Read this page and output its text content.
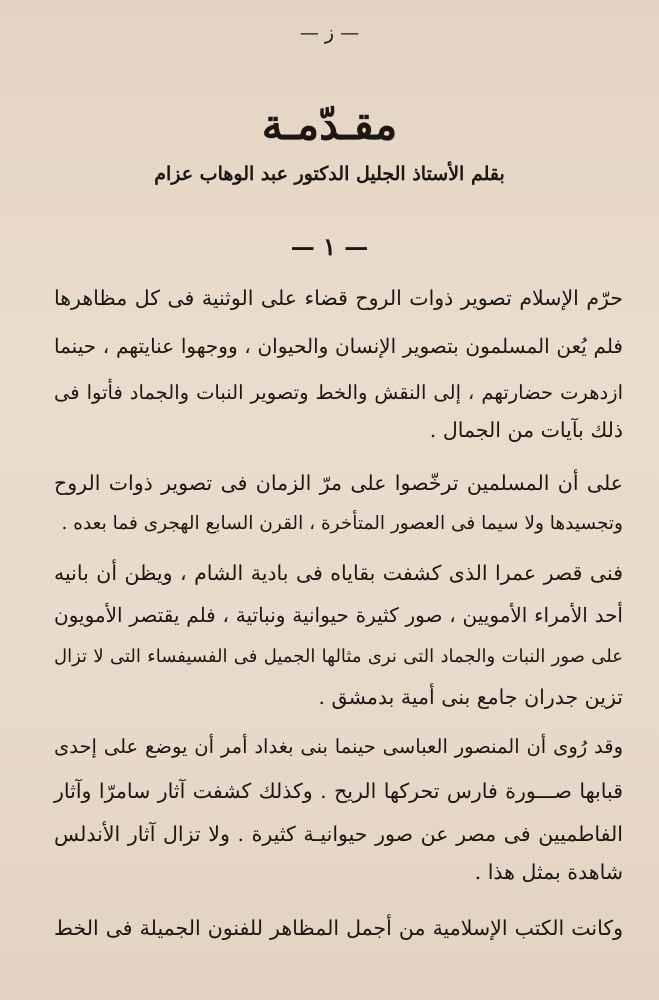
— ز —
مقـدّمـة
بقلم الأستاذ الجليل الدكتور عبد الوهاب عزام
— ١ —
حرّم الإسلام تصوير ذوات الروح قضاء على الوثنية فى كل مظاهرها
فلم يُعن المسلمون بتصوير الإنسان والحيوان ، ووجهوا عنايتهم ، حينما
ازدهرت حضارتهم ، إلى النقش والخط وتصوير النبات والجماد فأتوا فى
ذلك بآيات من الجمال .
على أن المسلمين ترخّصوا على مرّ الزمان فى تصوير ذوات الروح
وتجسيدها ولا سيما فى العصور المتأخرة ، القرن السابع الهجرى فما بعده .
فنى قصر عمرا الذى كشفت بقاياه فى بادية الشام ، ويظن أن بانيه
أحد الأمراء الأمويين ، صور كثيرة حيوانية ونباتية ، فلم يقتصر الأمويون
على صور النبات والجماد التى نرى مثالها الجميل فى الفسيفساء التى لا تزال
تزين جدران جامع بنى أمية بدمشق .
وقد رُوى أن المنصور العباسى حينما بنى بغداد أمر أن يوضع على إحدى
قبابها صـــورة فارس تحركها الريح . وكذلك كشفت آثار سامرّا وآثار
الفاطميين فى مصر عن صور حيوانيـة كثيرة . ولا تزال آثار الأندلس
شاهدة بمثل هذا .
وكانت الكتب الإسلامية من أجمل المظاهر للفنون الجميلة فى الخط
